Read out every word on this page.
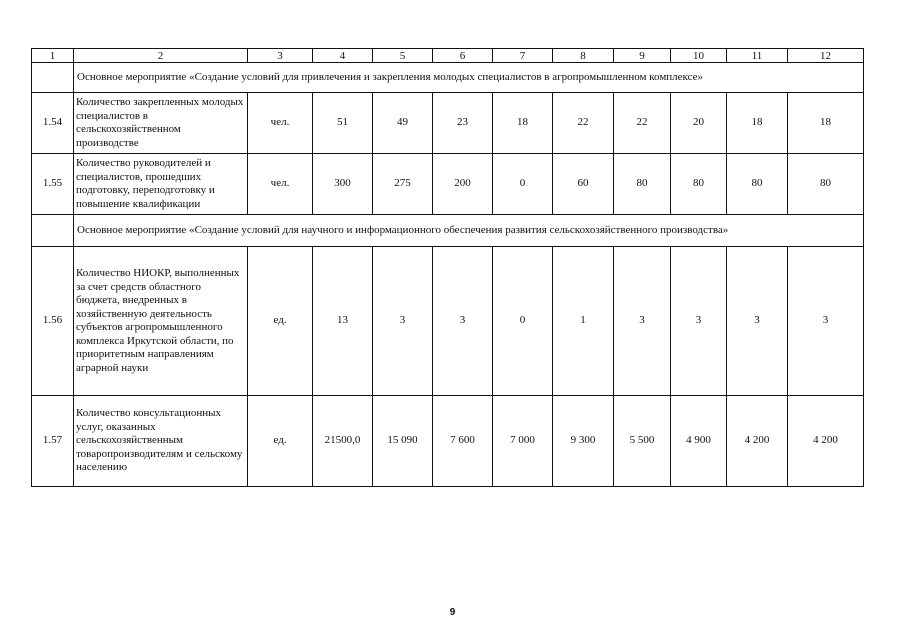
1	2	3	4	5	6	7	8	9	10	11	12
	Основное мероприятие «Создание условий для привлечения и закрепления молодых специалистов в агропромышленном комплексе»										
1.54	Количество закрепленных молодых специалистов в сельскохозяйственном производстве	чел.	51	49	23	18	22	22	20	18	18
1.55	Количество руководителей и специалистов, прошедших подготовку, переподготовку и повышение квалификации	чел.	300	275	200	0	60	80	80	80	80
	Основное мероприятие «Создание условий для научного и информационного обеспечения развития сельскохозяйственного производства»										
1.56	Количество НИОКР, выполненных за счет средств областного бюджета, внедренных в хозяйственную деятельность субъектов агропромышленного комплекса Иркутской области, по приоритетным направлениям аграрной науки	ед.	13	3	3	0	1	3	3	3	3
1.57	Количество консультационных услуг, оказанных сельскохозяйственным товаропроизводителям и сельскому населению	ед.	21500,0	15 090	7 600	7 000	9 300	5 500	4 900	4 200	4 200
9
